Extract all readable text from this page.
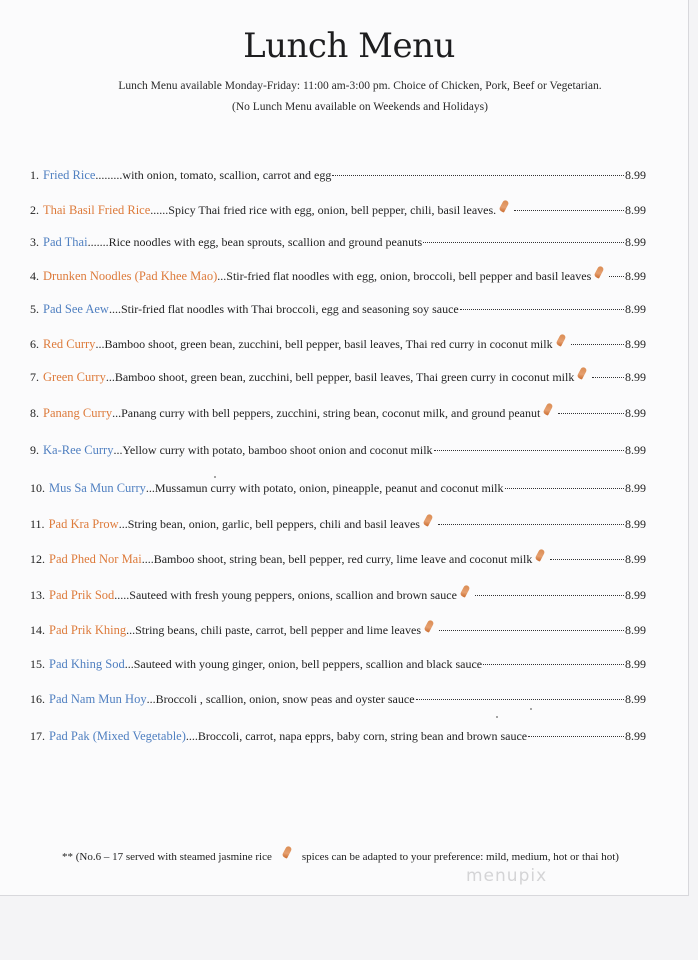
Lunch Menu
Lunch Menu available Monday-Friday: 11:00 am-3:00 pm. Choice of Chicken, Pork, Beef or Vegetarian.
(No Lunch Menu available on Weekends and Holidays)
1. Fried Rice ......... with onion, tomato, scallion, carrot and egg	8.99
2. Thai Basil Fried Rice ...... Spicy Thai fried rice with egg, onion, bell pepper, chili, basil leaves.	8.99
3. Pad Thai ....... Rice noodles with egg, bean sprouts, scallion and ground peanuts	8.99
4. Drunken Noodles (Pad Khee Mao) ... Stir-fried flat noodles with egg, onion, broccoli, bell pepper and basil leaves	8.99
5. Pad See Aew .... Stir-fried flat noodles with Thai broccoli, egg and seasoning soy sauce	8.99
6. Red Curry ... Bamboo shoot, green bean, zucchini, bell pepper, basil leaves, Thai red curry in coconut milk	8.99
7. Green Curry ... Bamboo shoot, green bean, zucchini, bell pepper, basil leaves, Thai green curry in coconut milk	8.99
8. Panang Curry ... Panang curry with bell peppers, zucchini, string bean, coconut milk, and ground peanut	8.99
9. Ka-Ree Curry ... Yellow curry with potato, bamboo shoot onion and coconut milk	8.99
10. Mus Sa Mun Curry ... Mussamun curry with potato, onion, pineapple, peanut and coconut milk	8.99
11. Pad Kra Prow ... String bean, onion, garlic, bell peppers, chili and basil leaves	8.99
12. Pad Phed Nor Mai .... Bamboo shoot, string bean, bell pepper, red curry, lime leave and coconut milk	8.99
13. Pad Prik Sod ..... Sauteed with fresh young peppers, onions, scallion and brown sauce	8.99
14. Pad Prik Khing ... String beans, chili paste, carrot, bell pepper and lime leaves	8.99
15. Pad Khing Sod ... Sauteed with young ginger, onion, bell peppers, scallion and black sauce	8.99
16. Pad Nam Mun Hoy ... Broccoli , scallion, onion, snow peas and oyster sauce	8.99
17. Pad Pak (Mixed Vegetable) .... Broccoli, carrot, napa epprs, baby corn, string bean and brown sauce	8.99
** (No.6 – 17 served with steamed jasmine rice	spices can be adapted to your preference: mild, medium, hot or thai hot)
menupix
